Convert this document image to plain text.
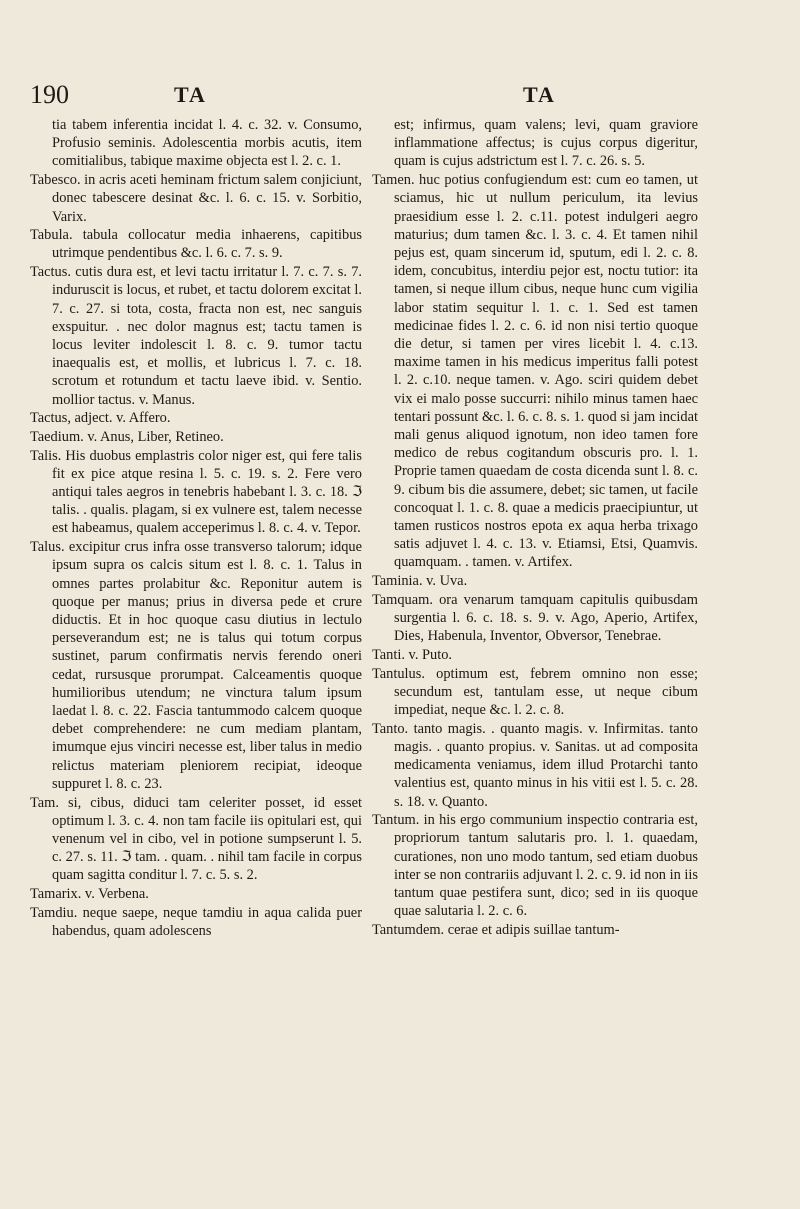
190	TA	TA

tia tabem inferentia incidat l. 4. c. 32. v. Consumo, Profusio seminis. Adolescentia morbis acutis, item comitialibus, tabique maxime objecta est l. 2. c. 1.

Tabesco. in acris aceti heminam frictum salem conjiciunt, donec tabescere desinat &c. l. 6. c. 15. v. Sorbitio, Varix.

Tabula. tabula collocatur media inhaerens, capitibus utrimque pendentibus &c. l. 6. c. 7. s. 9.

Tactus. cutis dura est, et levi tactu irritatur l. 7. c. 7. s. 7. induruscit is locus, et rubet, et tactu dolorem excitat l. 7. c. 27. si tota, costa, fracta non est, nec sanguis exspuitur. . nec dolor magnus est; tactu tamen is locus leviter indolescit l. 8. c. 9. tumor tactu inaequalis est, et mollis, et lubricus l. 7. c. 18. scrotum et rotundum et tactu laeve ibid. v. Sentio. mollior tactus. v. Manus.

Tactus, adject. v. Affero.

Taedium. v. Anus, Liber, Retineo.

Talis. His duobus emplastris color niger est, qui fere talis fit ex pice atque resina l. 5. c. 19. s. 2. Fere vero antiqui tales aegros in tenebris habebant l. 3. c. 18. ℑ talis. . qualis. plagam, si ex vulnere est, talem necesse est habeamus, qualem acceperimus l. 8. c. 4. v. Tepor.

Talus. excipitur crus infra osse transverso talorum; idque ipsum supra os calcis situm est l. 8. c. 1. Talus in omnes partes prolabitur &c. Reponitur autem is quoque per manus; prius in diversa pede et crure diductis. Et in hoc quoque casu diutius in lectulo perseverandum est; ne is talus qui totum corpus sustinet, parum confirmatis nervis ferendo oneri cedat, rursusque prorumpat. Calceamentis quoque humilioribus utendum; ne vinctura talum ipsum laedat l. 8. c. 22. Fascia tantummodo calcem quoque debet comprehendere: ne cum mediam plantam, imumque ejus vinciri necesse est, liber talus in medio relictus materiam pleniorem recipiat, ideoque suppuret l. 8. c. 23.

Tam. si, cibus, diduci tam celeriter posset, id esset optimum l. 3. c. 4. non tam facile iis opitulari est, qui venenum vel in cibo, vel in potione sumpserunt l. 5. c. 27. s. 11. ℑ tam. . quam. . nihil tam facile in corpus quam sagitta conditur l. 7. c. 5. s. 2.

Tamarix. v. Verbena.

Tamdiu. neque saepe, neque tamdiu in aqua calida puer habendus, quam adolescens

est; infirmus, quam valens; levi, quam graviore inflammatione affectus; is cujus corpus digeritur, quam is cujus adstrictum est l. 7. c. 26. s. 5.

Tamen. huc potius confugiendum est: cum eo tamen, ut sciamus, hic ut nullum periculum, ita levius praesidium esse l. 2. c.11. potest indulgeri aegro maturius; dum tamen &c. l. 3. c. 4. Et tamen nihil pejus est, quam sincerum id, sputum, edi l. 2. c. 8. idem, concubitus, interdiu pejor est, noctu tutior: ita tamen, si neque illum cibus, neque hunc cum vigilia labor statim sequitur l. 1. c. 1. Sed est tamen medicinae fides l. 2. c. 6. id non nisi tertio quoque die detur, si tamen per vires licebit l. 4. c.13. maxime tamen in his medicus imperitus falli potest l. 2. c.10. neque tamen. v. Ago. sciri quidem debet vix ei malo posse succurri: nihilo minus tamen haec tentari possunt &c. l. 6. c. 8. s. 1. quod si jam incidat mali genus aliquod ignotum, non ideo tamen fore medico de rebus cogitandum obscuris pro. l. 1. Proprie tamen quaedam de costa dicenda sunt l. 8. c. 9. cibum bis die assumere, debet; sic tamen, ut facile concoquat l. 1. c. 8. quae a medicis praecipiuntur, ut tamen rusticos nostros epota ex aqua herba trixago satis adjuvet l. 4. c. 13. v. Etiamsi, Etsi, Quamvis. quamquam. . tamen. v. Artifex.

Taminia. v. Uva.

Tamquam. ora venarum tamquam capitulis quibusdam surgentia l. 6. c. 18. s. 9. v. Ago, Aperio, Artifex, Dies, Habenula, Inventor, Obversor, Tenebrae.

Tanti. v. Puto.

Tantulus. optimum est, febrem omnino non esse; secundum est, tantulam esse, ut neque cibum impediat, neque &c. l. 2. c. 8.

Tanto. tanto magis. . quanto magis. v. Infirmitas. tanto magis. . quanto propius. v. Sanitas. ut ad composita medicamenta veniamus, idem illud Protarchi tanto valentius est, quanto minus in his vitii est l. 5. c. 28. s. 18. v. Quanto.

Tantum. in his ergo communium inspectio contraria est, propriorum tantum salutaris pro. l. 1. quaedam, curationes, non uno modo tantum, sed etiam duobus inter se non contrariis adjuvant l. 2. c. 9. id non in iis tantum quae pestifera sunt, dico; sed in iis quoque quae salutaria l. 2. c. 6.

Tantumdem. cerae et adipis suillae tantum-
